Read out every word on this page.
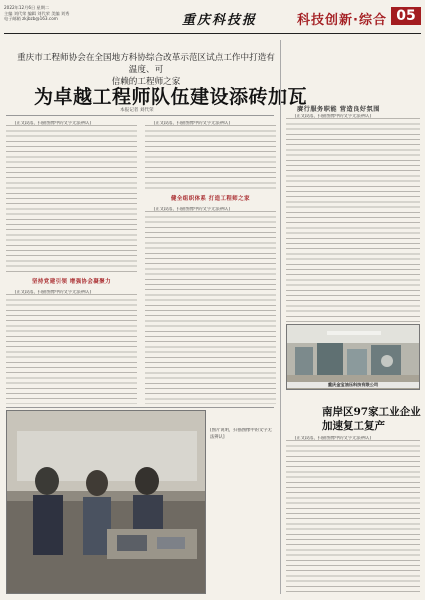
2022年12月6日 星期二
主编 刘代荣 编辑 刘代荣 美编 刘秀
电子邮箱 zkjbzb@163.com	重庆科技报	科技创新·综合 05
重庆市工程师协会在全国地方科协综合改革示范区试点工作中打造有温度、可
信赖的工程师之家
为卓越工程师队伍建设添砖加瓦
本报记者 刘代荣

[正文段落，扫描图像中的文字无法辨认]

坚持党建引领 增强协会凝聚力

[正文段落，扫描图像中的文字无法辨认]

[正文段落，扫描图像中的文字无法辨认]

健全组织体系 打造工程师之家

[正文段落，扫描图像中的文字无法辨认]

赓行服务职能 营造良好氛围

[正文段落，扫描图像中的文字无法辨认]

重庆金宝油压科技有限公司
[图片说明，扫描图像中的文字无法辨认]
南岸区97家工业企业
加速复工复产

[正文段落，扫描图像中的文字无法辨认]
